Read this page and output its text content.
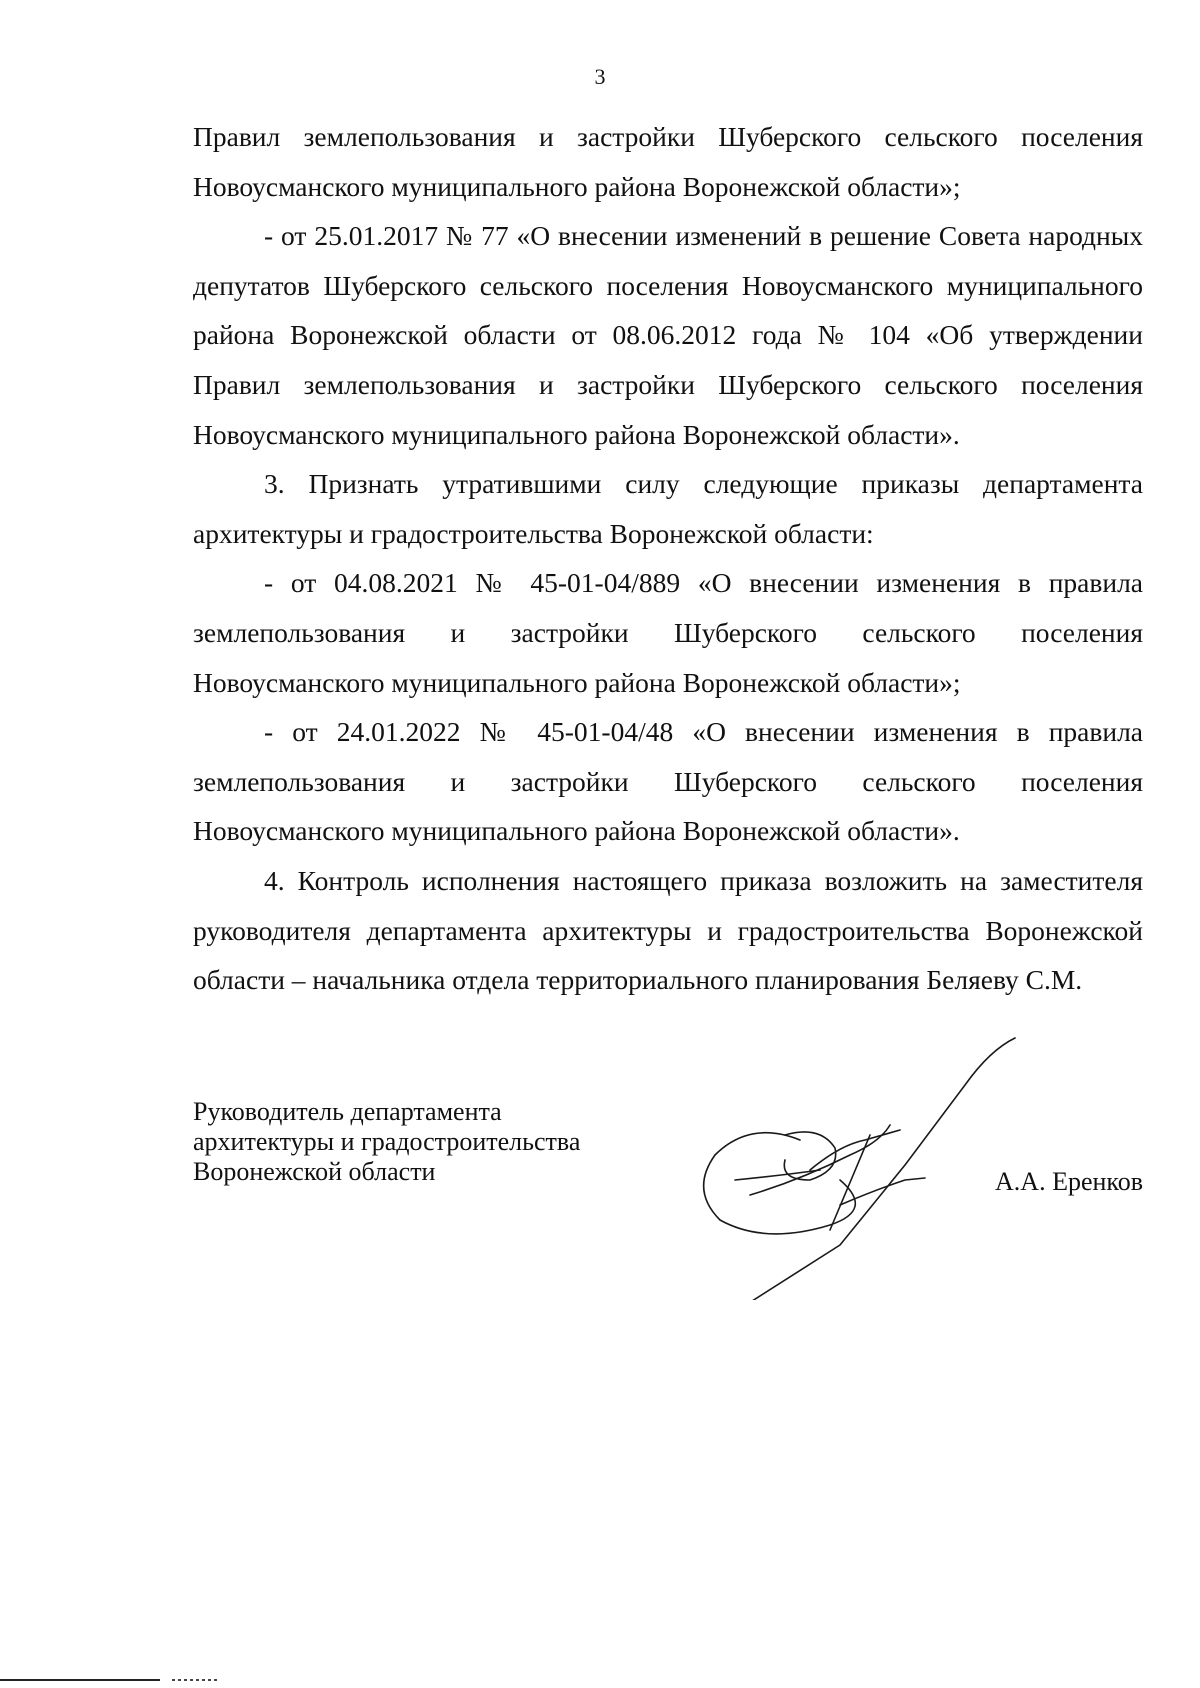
3

Правил землепользования и застройки Шуберского сельского поселения Новоусманского муниципального района Воронежской области»;

- от 25.01.2017 № 77 «О внесении изменений в решение Совета народных депутатов Шуберского сельского поселения Новоусманского муниципального района Воронежской области от 08.06.2012 года № 104 «Об утверждении Правил землепользования и застройки Шуберского сельского поселения Новоусманского муниципального района Воронежской области».

3. Признать утратившими силу следующие приказы департамента архитектуры и градостроительства Воронежской области:

- от 04.08.2021 № 45-01-04/889 «О внесении изменения в правила землепользования и застройки Шуберского сельского поселения Новоусманского муниципального района Воронежской области»;

- от 24.01.2022 № 45-01-04/48 «О внесении изменения в правила землепользования и застройки Шуберского сельского поселения Новоусманского муниципального района Воронежской области».

4. Контроль исполнения настоящего приказа возложить на заместителя руководителя департамента архитектуры и градостроительства Воронежской области – начальника отдела территориального планирования Беляеву С.М.

Руководитель департамента
архитектуры и градостроительства
Воронежской области	А.А. Еренков
